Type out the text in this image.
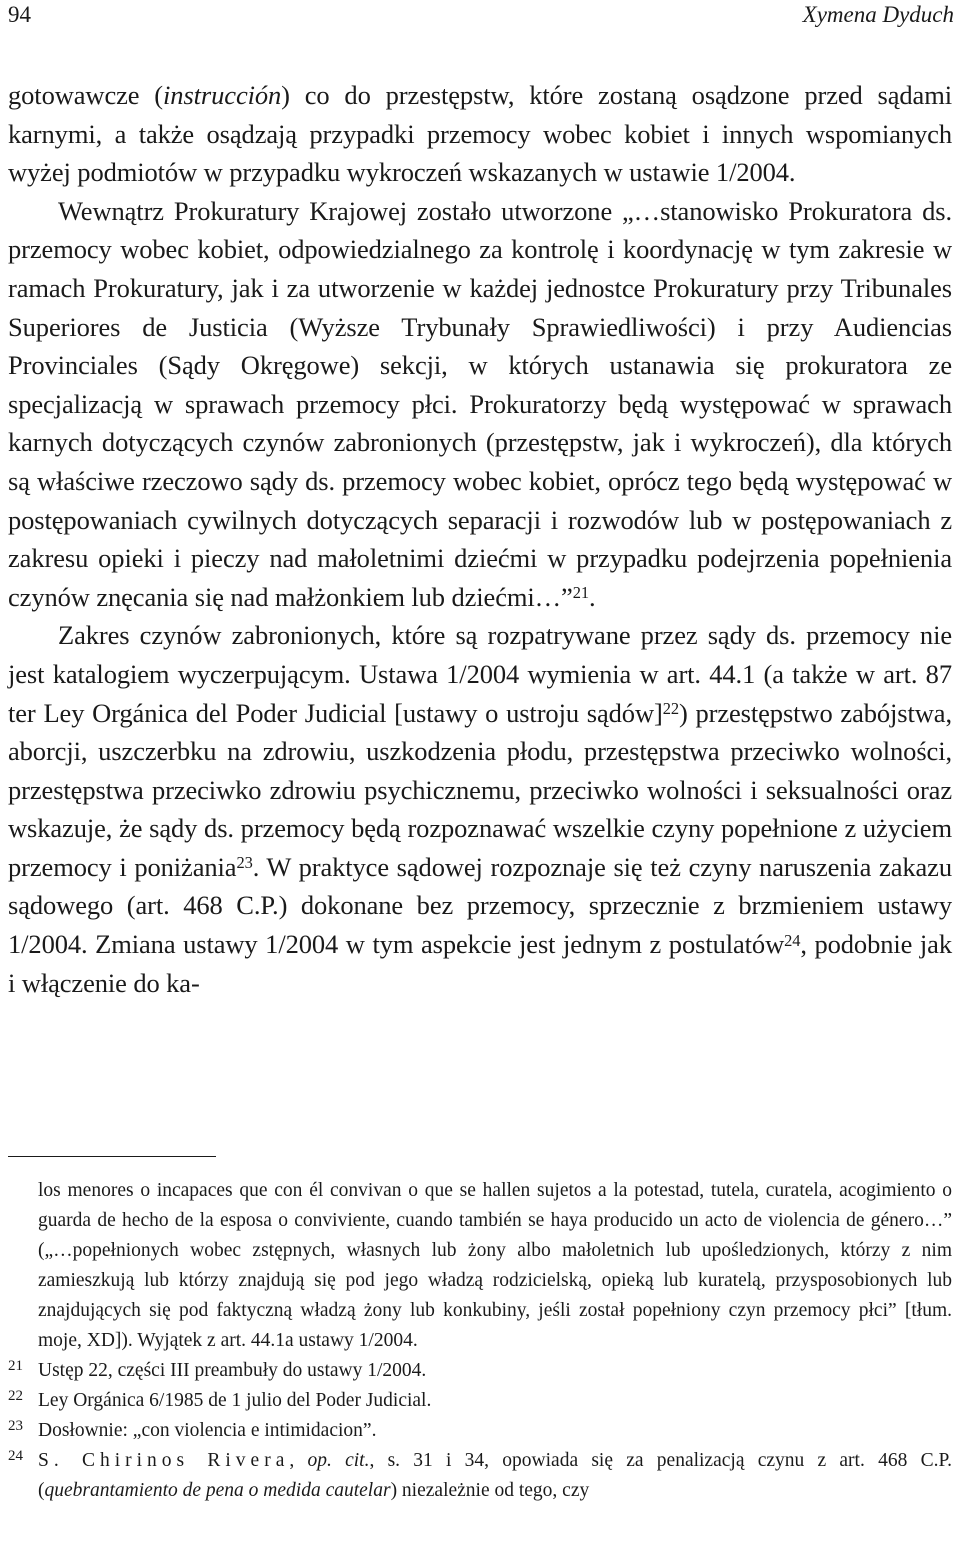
94	Xymena Dyduch

gotowawcze (instrucción) co do przestępstw, które zostaną osądzone przed sądami karnymi, a także osądzają przypadki przemocy wobec kobiet i innych wspomianych wyżej podmiotów w przypadku wykroczeń wskazanych w ustawie 1/2004.

Wewnątrz Prokuratury Krajowej zostało utworzone „…stanowisko Prokuratora ds. przemocy wobec kobiet, odpowiedzialnego za kontrolę i koordynację w tym zakresie w ramach Prokuratury, jak i za utworzenie w każdej jednostce Prokuratury przy Tribunales Superiores de Justicia (Wyższe Trybunały Sprawiedliwości) i przy Audiencias Provinciales (Sądy Okręgowe) sekcji, w których ustanawia się prokuratora ze specjalizacją w sprawach przemocy płci. Prokuratorzy będą występować w sprawach karnych dotyczących czynów zabronionych (przestępstw, jak i wykroczeń), dla których są właściwe rzeczowo sądy ds. przemocy wobec kobiet, oprócz tego będą występować w postępowaniach cywilnych dotyczących separacji i rozwodów lub w postępowaniach z zakresu opieki i pieczy nad małoletnimi dziećmi w przypadku podejrzenia popełnienia czynów znęcania się nad małżonkiem lub dziećmi…”$^{21}$.

Zakres czynów zabronionych, które są rozpatrywane przez sądy ds. przemocy nie jest katalogiem wyczerpującym. Ustawa 1/2004 wymienia w art. 44.1 (a także w art. 87 ter Ley Orgánica del Poder Judicial [ustawy o ustroju sądów]$^{22}$) przestępstwo zabójstwa, aborcji, uszczerbku na zdrowiu, uszkodzenia płodu, przestępstwa przeciwko wolności, przestępstwa przeciwko zdrowiu psychicznemu, przeciwko wolności i seksualności oraz wskazuje, że sądy ds. przemocy będą rozpoznawać wszelkie czyny popełnione z użyciem przemocy i poniżania$^{23}$. W praktyce sądowej rozpoznaje się też czyny naruszenia zakazu sądowego (art. 468 C.P.) dokonane bez przemocy, sprzecznie z brzmieniem ustawy 1/2004. Zmiana ustawy 1/2004 w tym aspekcie jest jednym z postulatów$^{24}$, podobnie jak i włączenie do ka-

los menores o incapaces que con él convivan o que se hallen sujetos a la potestad, tutela, curatela, acogimiento o guarda de hecho de la esposa o conviviente, cuando también se haya producido un acto de violencia de género…” („…popełnionych wobec zstępnych, własnych lub żony albo małoletnich lub upośledzionych, którzy z nim zamieszkują lub którzy znajdują się pod jego władzą rodzicielską, opieką lub kuratelą, przysposobionych lub znajdujących się pod faktyczną władzą żony lub konkubiny, jeśli został popełniony czyn przemocy płci” [tłum. moje, XD]). Wyjątek z art. 44.1a ustawy 1/2004.
21 Ustęp 22, części III preambuły do ustawy 1/2004.
22 Ley Orgánica 6/1985 de 1 julio del Poder Judicial.
23 Dosłownie: „con violencia e intimidacion”.
24 S. Chirinos Rivera, op. cit., s. 31 i 34, opowiada się za penalizacją czynu z art. 468 C.P. (quebrantamiento de pena o medida cautelar) niezależnie od tego, czy
